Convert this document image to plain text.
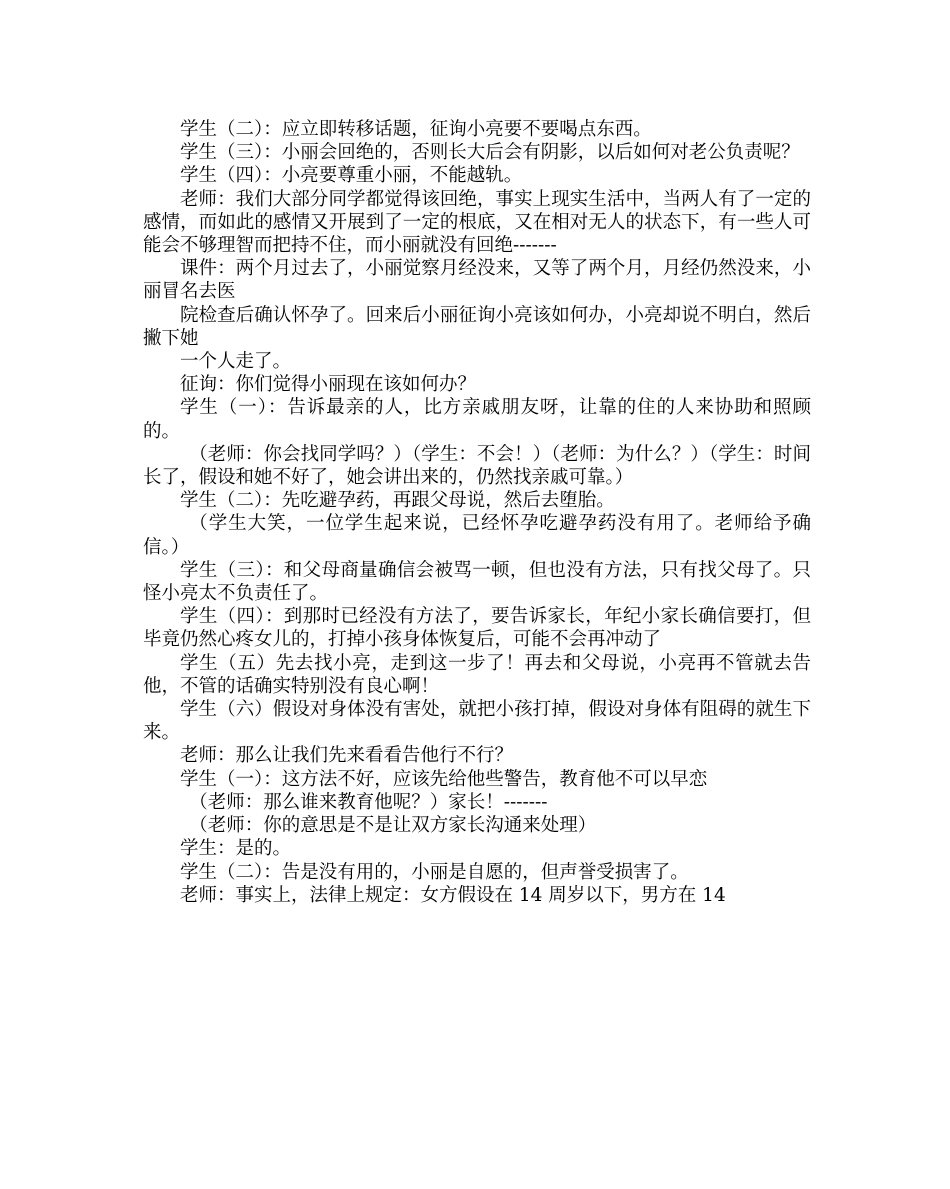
学生（二）：应立即转移话题，征询小亮要不要喝点东西。

学生（三）：小丽会回绝的，否则长大后会有阴影，以后如何对老公负责呢？

学生（四）：小亮要尊重小丽，不能越轨。

老师：我们大部分同学都觉得该回绝，事实上现实生活中，当两人有了一定的感情，而如此的感情又开展到了一定的根底，又在相对无人的状态下，有一些人可能会不够理智而把持不住，而小丽就没有回绝-------

课件：两个月过去了，小丽觉察月经没来，又等了两个月，月经仍然没来，小丽冒名去医

院检查后确认怀孕了。回来后小丽征询小亮该如何办，小亮却说不明白，然后撇下她

一个人走了。

征询：你们觉得小丽现在该如何办？

学生（一）：告诉最亲的人，比方亲戚朋友呀，让靠的住的人来协助和照顾的。

（老师：你会找同学吗？）（学生：不会！）（老师：为什么？）（学生：时间长了，假设和她不好了，她会讲出来的，仍然找亲戚可靠。）

学生（二）：先吃避孕药，再跟父母说，然后去堕胎。

（学生大笑，一位学生起来说，已经怀孕吃避孕药没有用了。老师给予确信。）

学生（三）：和父母商量确信会被骂一顿，但也没有方法，只有找父母了。只怪小亮太不负责任了。

学生（四）：到那时已经没有方法了，要告诉家长，年纪小家长确信要打，但毕竟仍然心疼女儿的，打掉小孩身体恢复后，可能不会再冲动了

学生（五）先去找小亮，走到这一步了！再去和父母说，小亮再不管就去告他，不管的话确实特别没有良心啊！

学生（六）假设对身体没有害处，就把小孩打掉，假设对身体有阻碍的就生下来。

老师：那么让我们先来看看告他行不行？

学生（一）：这方法不好，应该先给他些警告，教育他不可以早恋

（老师：那么谁来教育他呢？）家长！-------

（老师：你的意思是不是让双方家长沟通来处理）

学生：是的。

学生（二）：告是没有用的，小丽是自愿的，但声誉受损害了。

老师：事实上，法律上规定：女方假设在 14 周岁以下，男方在 14
